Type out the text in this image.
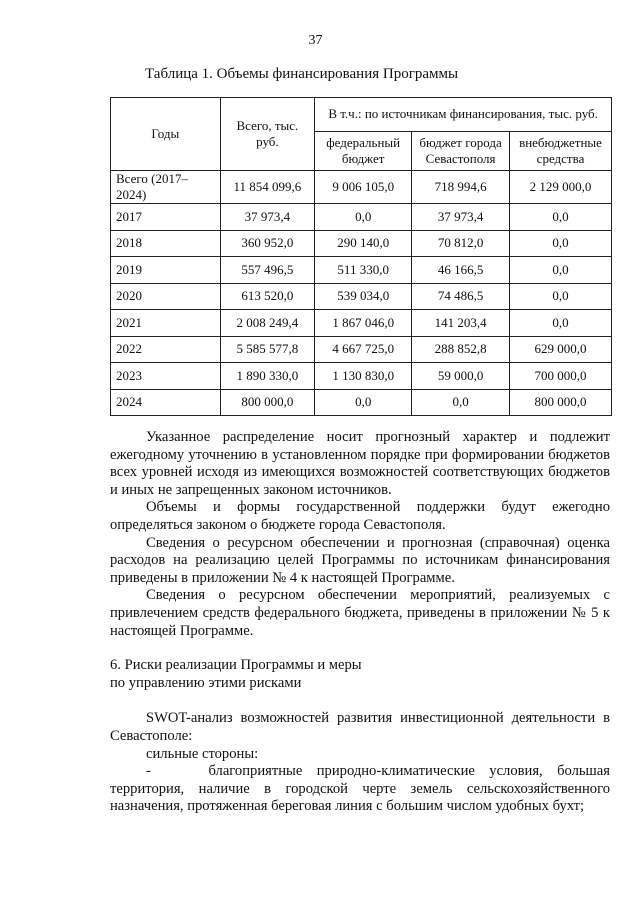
37
Таблица 1. Объемы финансирования Программы
Годы	Всего, тыс. руб.	В т.ч.: по источникам финансирования, тыс. руб.		
		федеральный бюджет	бюджет города Севастополя	внебюджетные средства
Всего (2017–2024)	11 854 099,6	9 006 105,0	718 994,6	2 129 000,0
2017	37 973,4	0,0	37 973,4	0,0
2018	360 952,0	290 140,0	70 812,0	0,0
2019	557 496,5	511 330,0	46 166,5	0,0
2020	613 520,0	539 034,0	74 486,5	0,0
2021	2 008 249,4	1 867 046,0	141 203,4	0,0
2022	5 585 577,8	4 667 725,0	288 852,8	629 000,0
2023	1 890 330,0	1 130 830,0	59 000,0	700 000,0
2024	800 000,0	0,0	0,0	800 000,0

Указанное распределение носит прогнозный характер и подлежит ежегодному уточнению в установленном порядке при формировании бюджетов всех уровней исходя из имеющихся возможностей соответствующих бюджетов и иных не запрещенных законом источников.

Объемы и формы государственной поддержки будут ежегодно определяться законом о бюджете города Севастополя.

Сведения о ресурсном обеспечении и прогнозная (справочная) оценка расходов на реализацию целей Программы по источникам финансирования приведены в приложении № 4 к настоящей Программе.

Сведения о ресурсном обеспечении мероприятий, реализуемых с привлечением средств федерального бюджета, приведены в приложении № 5 к настоящей Программе.

6. Риски реализации Программы и меры
по управлению этими рисками

SWOT-анализ возможностей развития инвестиционной деятельности в Севастополе:

сильные стороны:

-    благоприятные природно-климатические условия, большая территория, наличие в городской черте земель сельскохозяйственного назначения, протяженная береговая линия с большим числом удобных бухт;
